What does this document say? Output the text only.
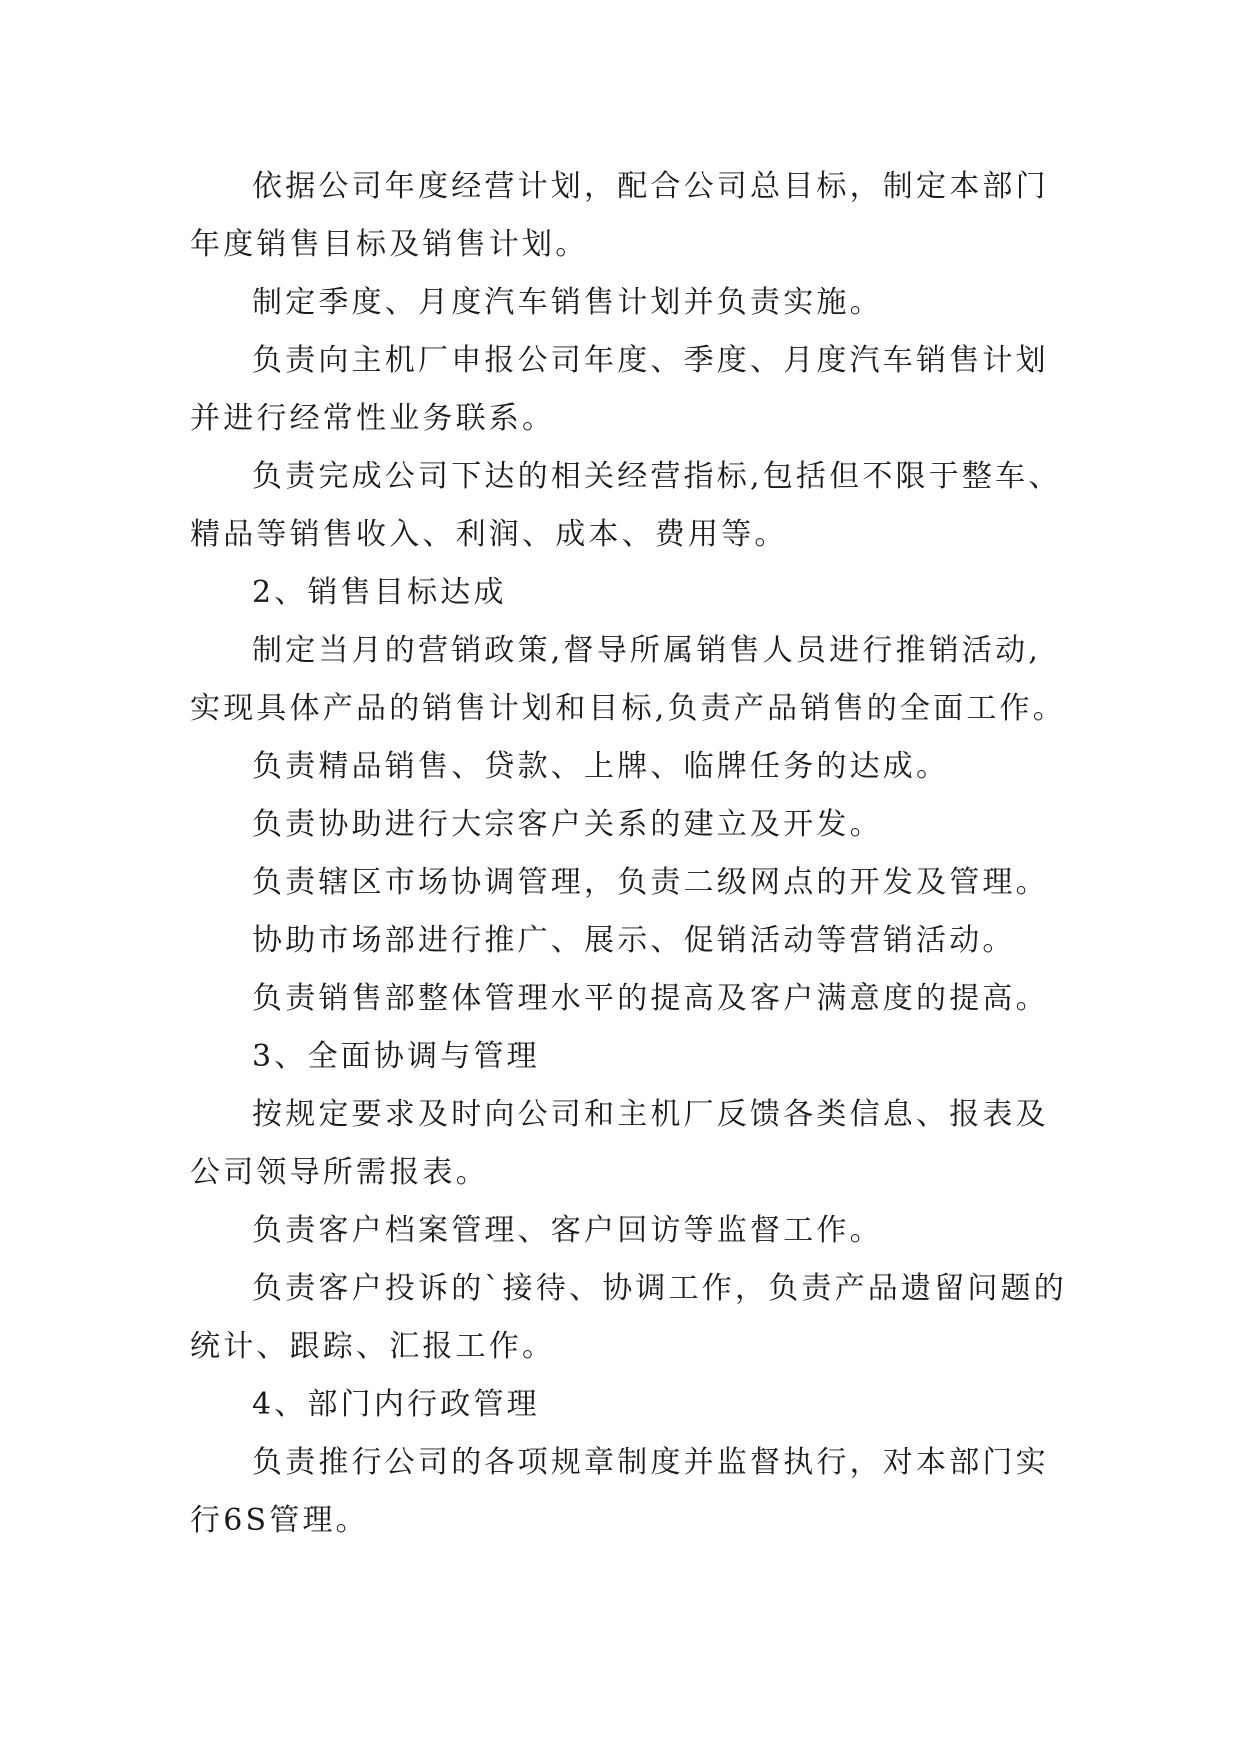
依据公司年度经营计划，配合公司总目标，制定本部门年度销售目标及销售计划。

制定季度、月度汽车销售计划并负责实施。

负责向主机厂申报公司年度、季度、月度汽车销售计划并进行经常性业务联系。

负责完成公司下达的相关经营指标,包括但不限于整车、精品等销售收入、利润、成本、费用等。

2、销售目标达成

制定当月的营销政策,督导所属销售人员进行推销活动,实现具体产品的销售计划和目标,负责产品销售的全面工作。

负责精品销售、贷款、上牌、临牌任务的达成。

负责协助进行大宗客户关系的建立及开发。

负责辖区市场协调管理，负责二级网点的开发及管理。

协助市场部进行推广、展示、促销活动等营销活动。

负责销售部整体管理水平的提高及客户满意度的提高。

3、全面协调与管理

按规定要求及时向公司和主机厂反馈各类信息、报表及公司领导所需报表。

负责客户档案管理、客户回访等监督工作。

负责客户投诉的`接待、协调工作，负责产品遗留问题的统计、跟踪、汇报工作。

4、部门内行政管理

负责推行公司的各项规章制度并监督执行，对本部门实行6S管理。
